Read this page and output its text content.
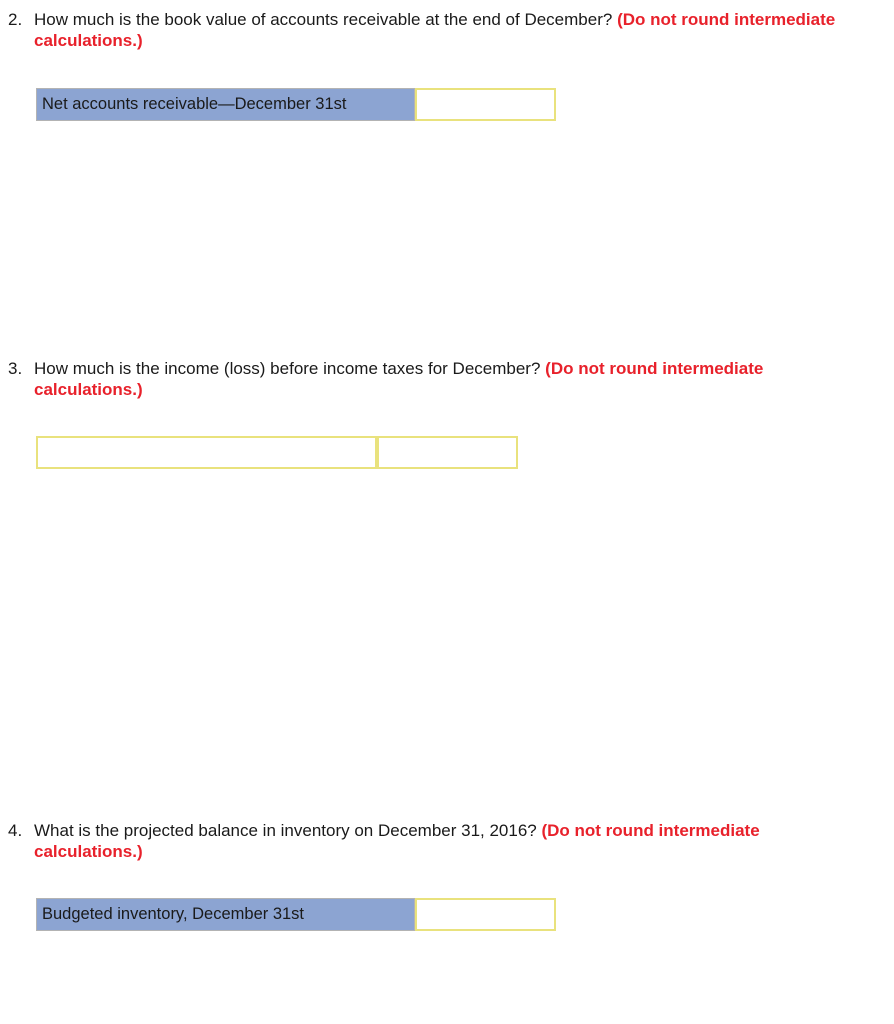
2. How much is the book value of accounts receivable at the end of December? (Do not round intermediate calculations.)
Net accounts receivable—December 31st
3. How much is the income (loss) before income taxes for December? (Do not round intermediate calculations.)
4. What is the projected balance in inventory on December 31, 2016? (Do not round intermediate calculations.)
Budgeted inventory, December 31st
